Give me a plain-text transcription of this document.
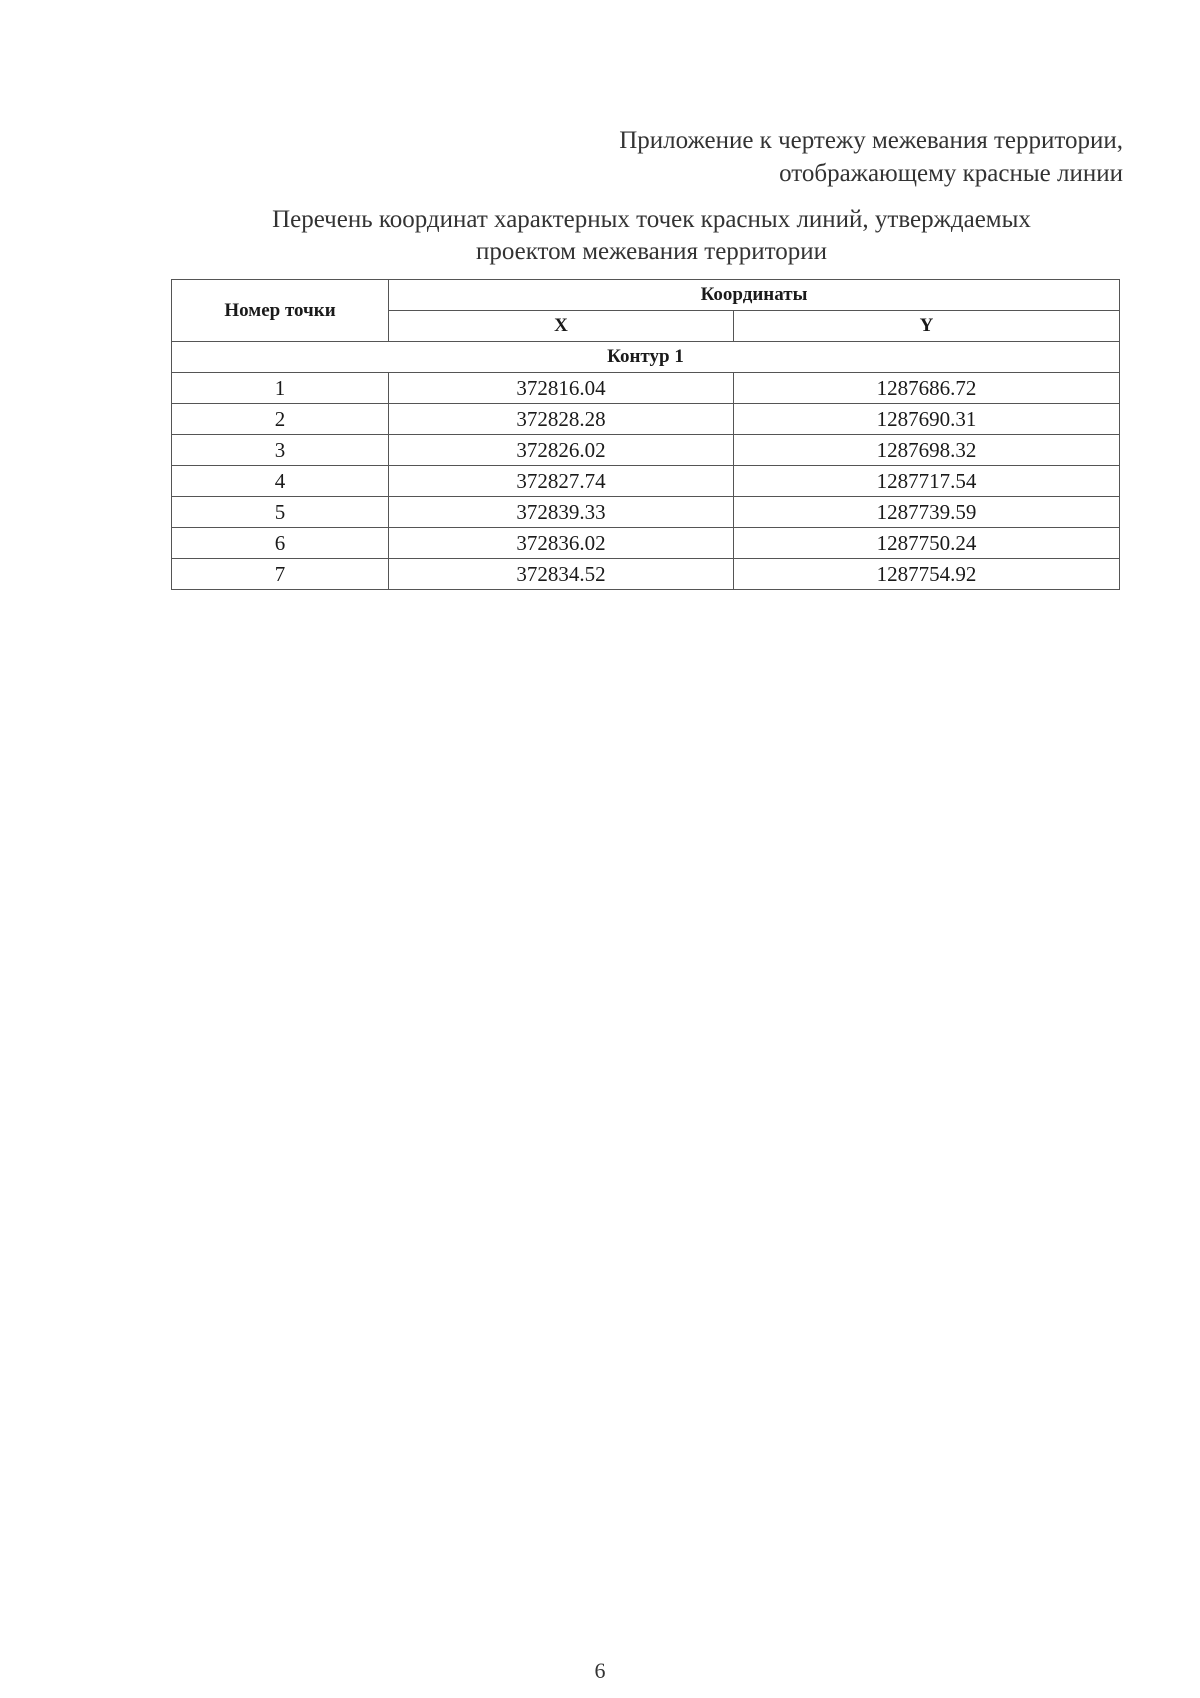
Приложение к чертежу межевания территории,
отображающему красные линии
Перечень координат характерных точек красных линий, утверждаемых
проектом межевания территории
Номер точки	Координаты	
	X	Y
Контур 1		
1	372816.04	1287686.72
2	372828.28	1287690.31
3	372826.02	1287698.32
4	372827.74	1287717.54
5	372839.33	1287739.59
6	372836.02	1287750.24
7	372834.52	1287754.92
6
